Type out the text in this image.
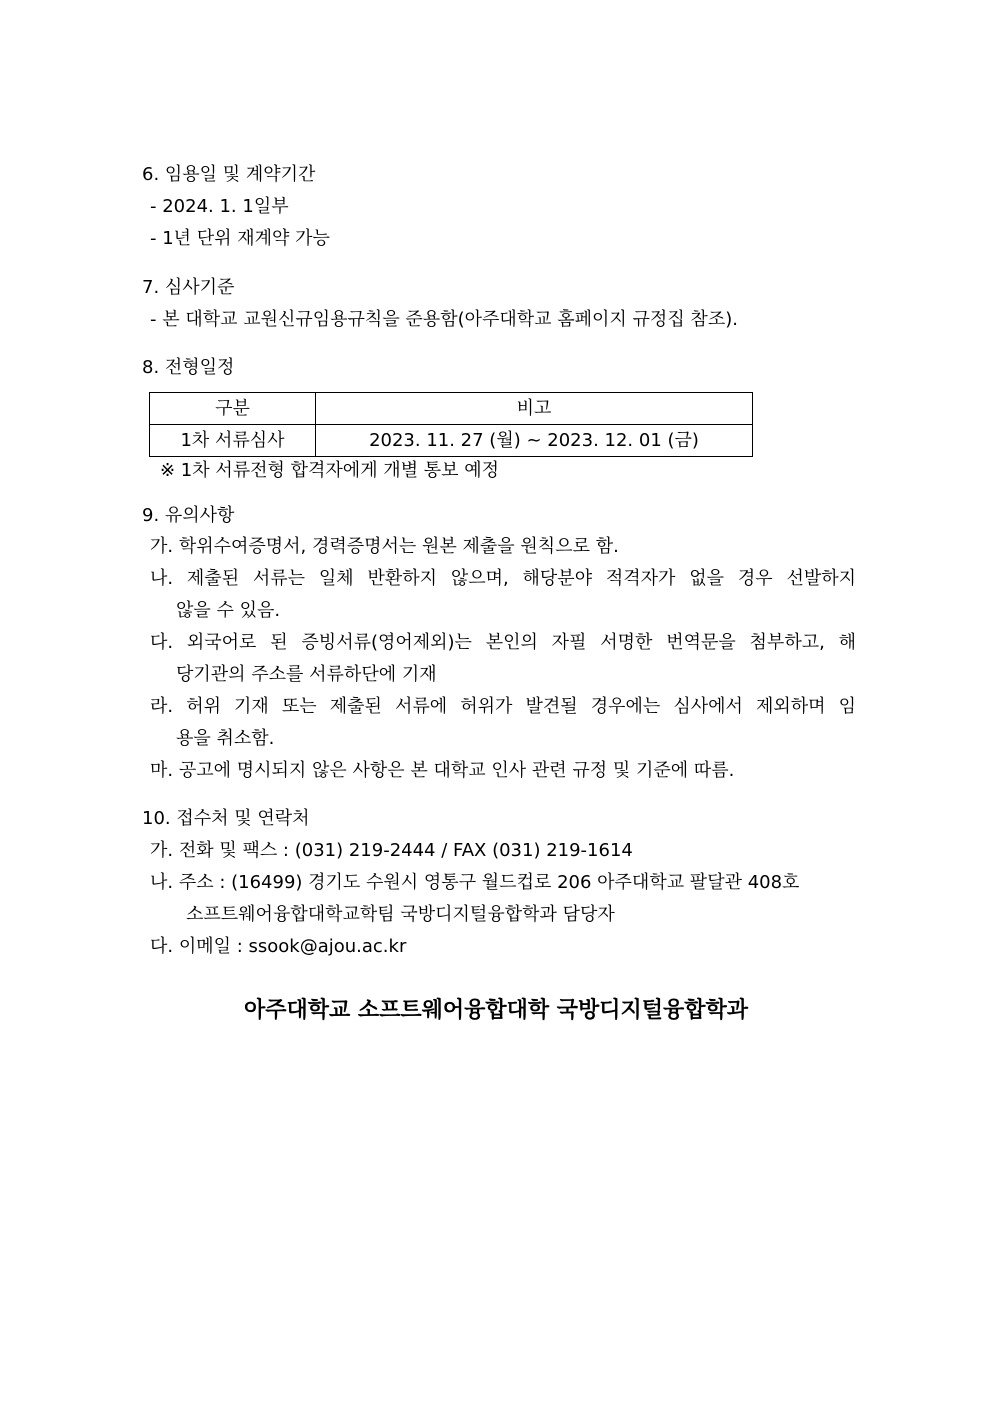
6. 임용일 및 계약기간
- 2024. 1. 1일부
- 1년 단위 재계약 가능
7. 심사기준
- 본 대학교 교원신규임용규칙을 준용함(아주대학교 홈페이지 규정집 참조).
8. 전형일정
구분	비고
1차 서류심사	2023. 11. 27 (월) ~ 2023. 12. 01 (금)
※ 1차 서류전형 합격자에게 개별 통보 예정
9. 유의사항
가. 학위수여증명서, 경력증명서는 원본 제출을 원칙으로 함.
나. 제출된 서류는 일체 반환하지 않으며, 해당분야 적격자가 없을 경우 선발하지
않을 수 있음.
다. 외국어로 된 증빙서류(영어제외)는 본인의 자필 서명한 번역문을 첨부하고, 해
당기관의 주소를 서류하단에 기재
라. 허위 기재 또는 제출된 서류에 허위가 발견될 경우에는 심사에서 제외하며 임
용을 취소함.
마. 공고에 명시되지 않은 사항은 본 대학교 인사 관련 규정 및 기준에 따름.
10. 접수처 및 연락처
가. 전화 및 팩스 : (031) 219-2444 / FAX (031) 219-1614
나. 주소 : (16499) 경기도 수원시 영통구 월드컵로 206 아주대학교 팔달관 408호
소프트웨어융합대학교학팀 국방디지털융합학과 담당자
다. 이메일 : ssook@ajou.ac.kr
아주대학교 소프트웨어융합대학 국방디지털융합학과
